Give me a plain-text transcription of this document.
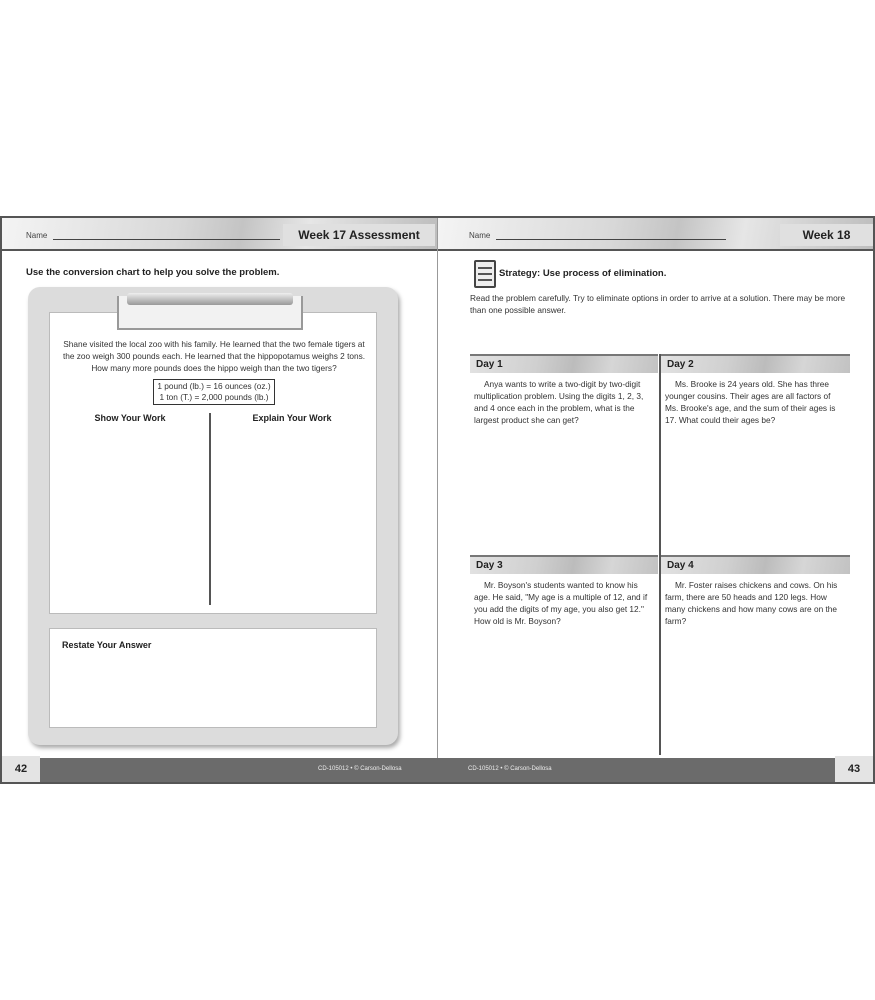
Name	Week 17 Assessment
Use the conversion chart to help you solve the problem.
Shane visited the local zoo with his family. He learned that the two female tigers at the zoo weigh 300 pounds each. He learned that the hippopotamus weighs 2 tons. How many more pounds does the hippo weigh than the two tigers?
1 pound (lb.) = 16 ounces (oz.)
1 ton (T.) = 2,000 pounds (lb.)
Show Your Work	Explain Your Work
Restate Your Answer
Name	Week 18
Strategy: Use process of elimination.
Read the problem carefully. Try to eliminate options in order to arrive at a solution. There may be more than one possible answer.
Day 1
Anya wants to write a two-digit by two-digit multiplication problem. Using the digits 1, 2, 3, and 4 once each in the problem, what is the largest product she can get?
Day 2
Ms. Brooke is 24 years old. She has three younger cousins. Their ages are all factors of Ms. Brooke's age, and the sum of their ages is 17. What could their ages be?
Day 3
Mr. Boyson's students wanted to know his age. He said, "My age is a multiple of 12, and if you add the digits of my age, you also get 12." How old is Mr. Boyson?
Day 4
Mr. Foster raises chickens and cows. On his farm, there are 50 heads and 120 legs. How many chickens and how many cows are on the farm?
42	43
CD-105012 • © Carson-Dellosa	CD-105012 • © Carson-Dellosa
